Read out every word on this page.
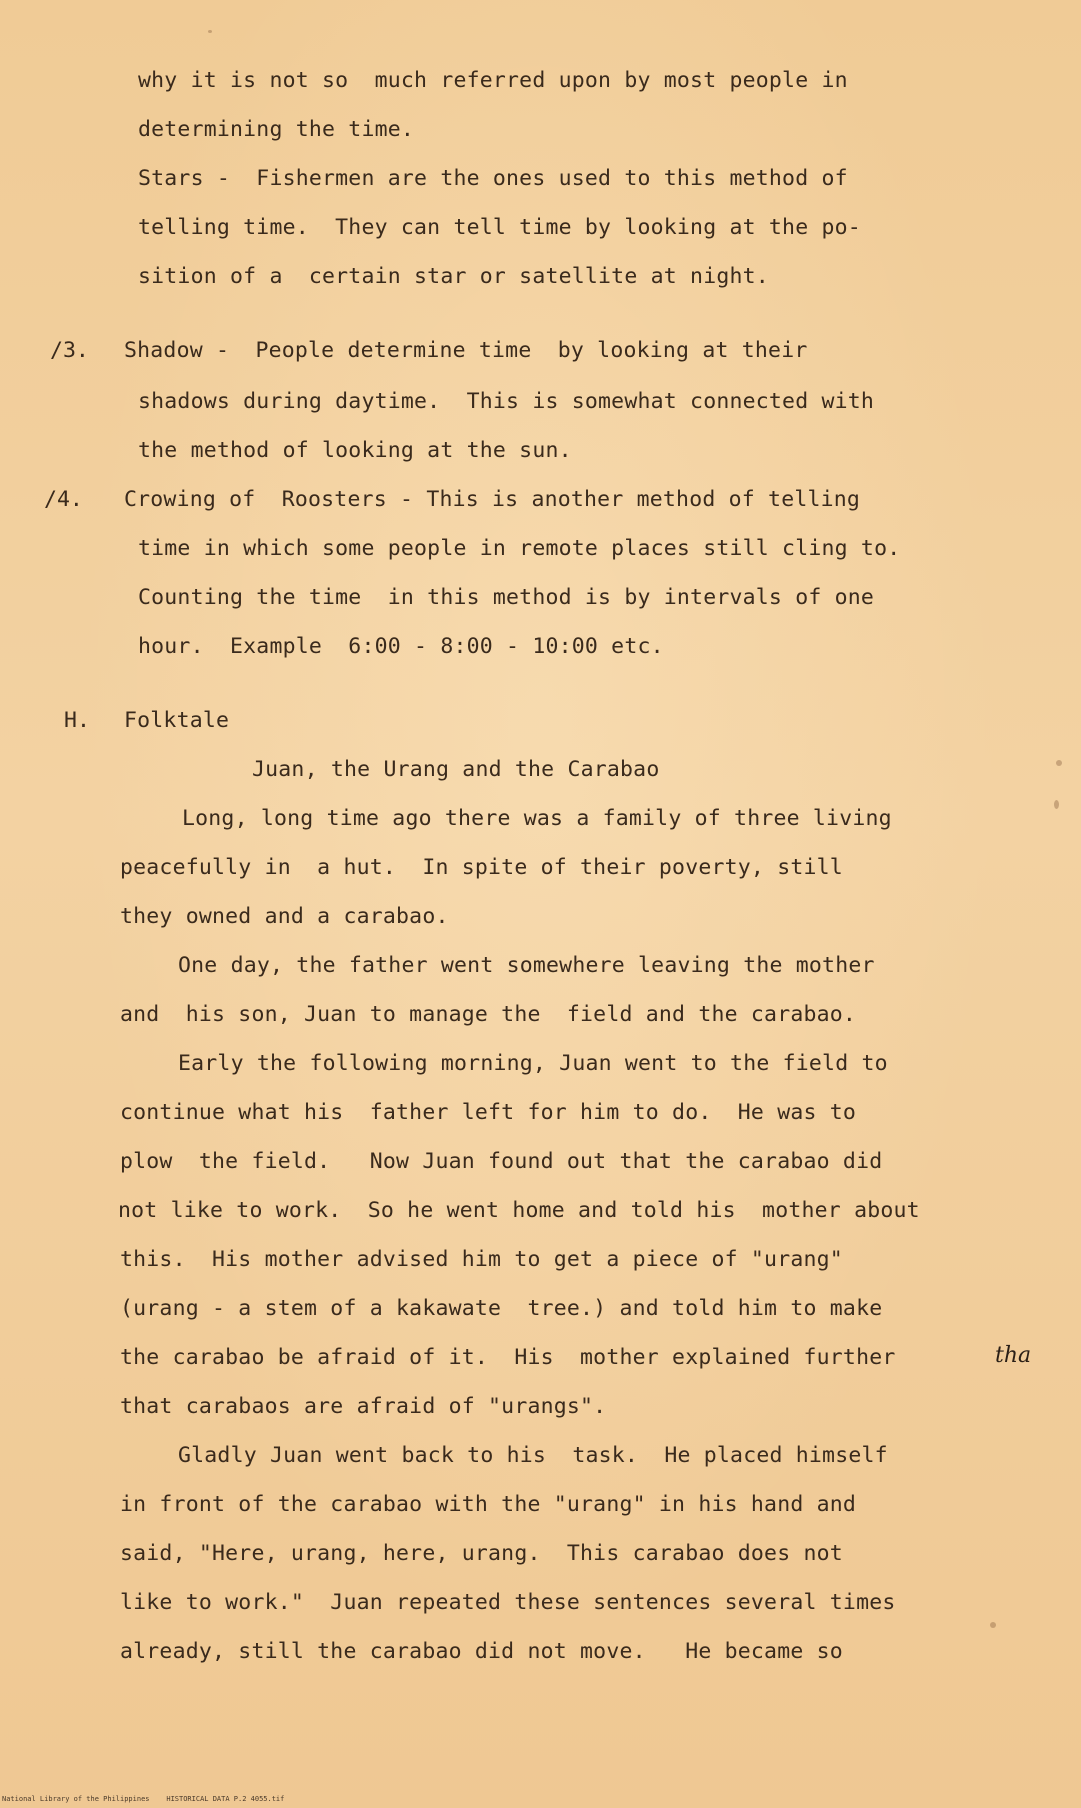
why it is not so  much referred upon by most people in
determining the time.
Stars -  Fishermen are the ones used to this method of
telling time.  They can tell time by looking at the po-
sition of a  certain star or satellite at night.
/3. Shadow -  People determine time  by looking at their
shadows during daytime.  This is somewhat connected with
the method of looking at the sun.
/4. Crowing of  Roosters - This is another method of telling
time in which some people in remote places still cling to.
Counting the time  in this method is by intervals of one
hour.  Example  6:00 - 8:00 - 10:00 etc.
H. Folktale
Juan, the Urang and the Carabao
Long, long time ago there was a family of three living
peacefully in  a hut.  In spite of their poverty, still
they owned and a carabao.
One day, the father went somewhere leaving the mother
and  his son, Juan to manage the  field and the carabao.
Early the following morning, Juan went to the field to
continue what his  father left for him to do.  He was to
plow  the field.   Now Juan found out that the carabao did
not like to work.  So he went home and told his  mother about
this.  His mother advised him to get a piece of "urang"
(urang - a stem of a kakawate  tree.) and told him to make
the carabao be afraid of it.  His  mother explained further	tha
that carabaos are afraid of "urangs".
Gladly Juan went back to his  task.  He placed himself
in front of the carabao with the "urang" in his hand and
said, "Here, urang, here, urang.  This carabao does not
like to work."  Juan repeated these sentences several times
already, still the carabao did not move.   He became so
National Library of the Philippines    HISTORICAL DATA P.2 4055.tif
